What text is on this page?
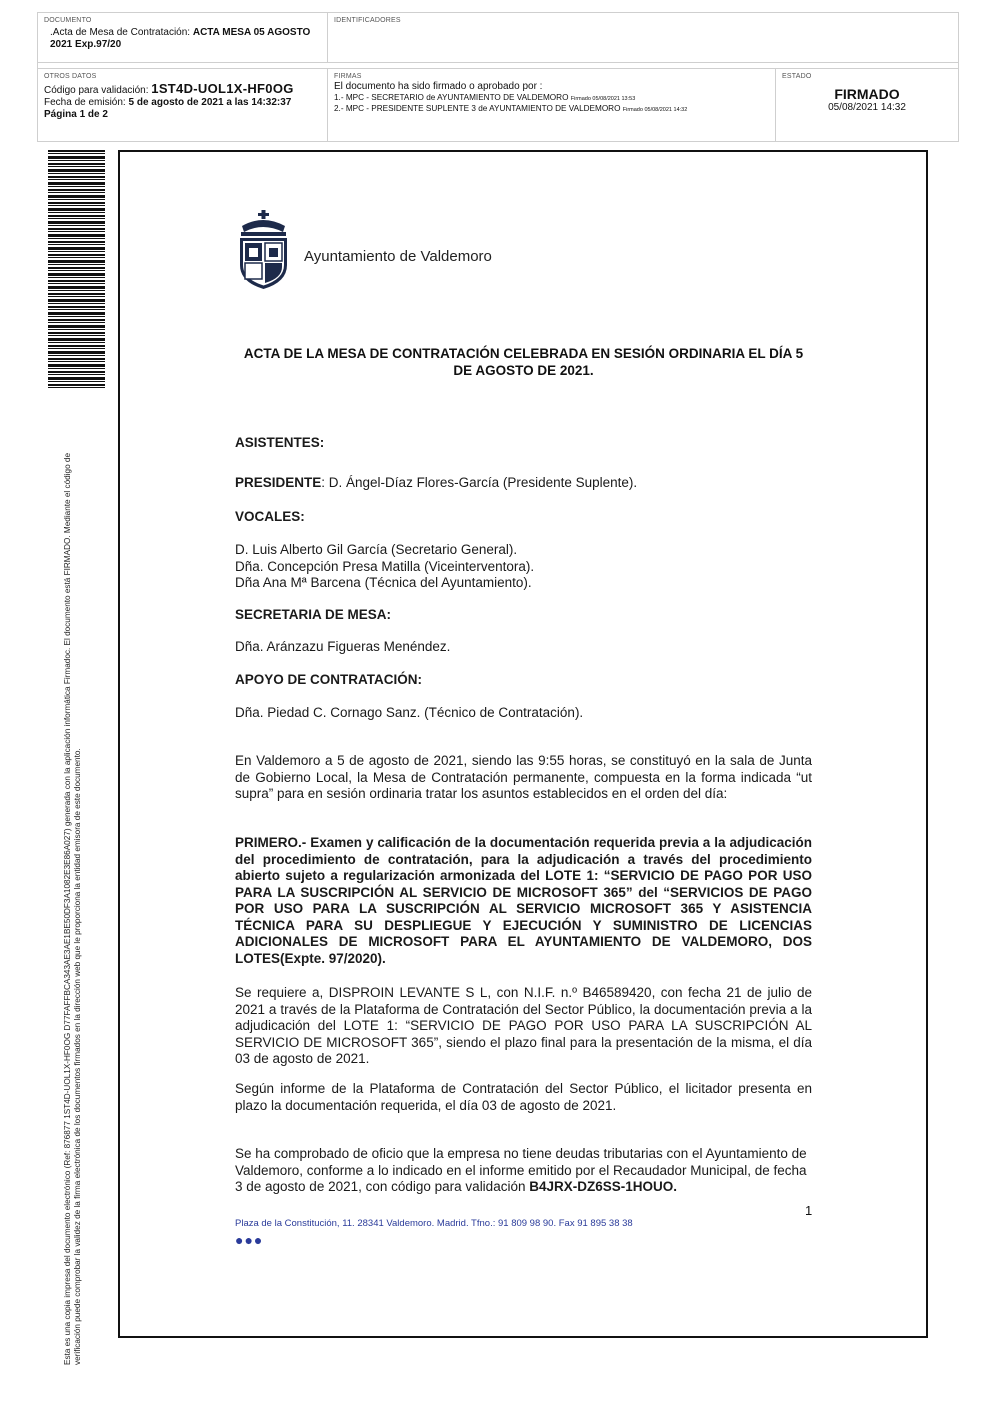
DOCUMENTO
.Acta de Mesa de Contratación: ACTA MESA 05 AGOSTO 2021 Exp.97/20
IDENTIFICADORES
OTROS DATOS
Código para validación: 1ST4D-UOL1X-HF0OG
Fecha de emisión: 5 de agosto de 2021 a las 14:32:37
Página 1 de 2
FIRMAS
El documento ha sido firmado o aprobado por :
1.- MPC - SECRETARIO de AYUNTAMIENTO DE VALDEMORO Firmado 05/08/2021 13:53
2.- MPC - PRESIDENTE SUPLENTE 3 de AYUNTAMIENTO DE VALDEMORO Firmado 05/08/2021 14:32
ESTADO
FIRMADO
05/08/2021 14:32
Esta es una copia impresa del documento electrónico (Ref: 876877 1ST4D-UOL1X-HF0OG D77FAFFBCA343AE3AE1BE50DF3A1082E3E86A027) generada con la aplicación informática Firmadoc. El documento está FIRMADO. Mediante el código de verificación puede comprobar la validez de la firma electrónica de los documentos firmados en la dirección web que le proporciona la entidad emisora de este documento.
Ayuntamiento de Valdemoro
ACTA DE LA MESA DE CONTRATACIÓN CELEBRADA EN SESIÓN ORDINARIA EL DÍA 5 DE AGOSTO DE 2021.
ASISTENTES:
PRESIDENTE: D. Ángel-Díaz Flores-García (Presidente Suplente).
VOCALES:
D. Luis Alberto Gil García (Secretario General).
Dña. Concepción Presa Matilla (Viceinterventora).
Dña Ana Mª Barcena (Técnica del Ayuntamiento).
SECRETARIA DE MESA:
Dña. Aránzazu Figueras Menéndez.
APOYO DE CONTRATACIÓN:
Dña. Piedad C. Cornago Sanz. (Técnico de Contratación).
En Valdemoro a 5 de agosto de 2021, siendo las 9:55 horas, se constituyó en la sala de Junta de Gobierno Local, la Mesa de Contratación permanente, compuesta en la forma indicada “ut supra” para en sesión ordinaria tratar los asuntos establecidos en el orden del día:
PRIMERO.- Examen y calificación de la documentación requerida previa a la adjudicación del procedimiento de contratación, para la adjudicación a través del procedimiento abierto sujeto a regularización armonizada del LOTE 1: “SERVICIO DE PAGO POR USO PARA LA SUSCRIPCIÓN AL SERVICIO DE MICROSOFT 365” del “SERVICIOS DE PAGO POR USO PARA LA SUSCRIPCIÓN AL SERVICIO MICROSOFT 365 Y ASISTENCIA TÉCNICA PARA SU DESPLIEGUE Y EJECUCIÓN Y SUMINISTRO DE LICENCIAS ADICIONALES DE MICROSOFT PARA EL AYUNTAMIENTO DE VALDEMORO, DOS LOTES(Expte. 97/2020).
Se requiere a, DISPROIN LEVANTE S L, con N.I.F. n.º B46589420, con fecha 21 de julio de 2021 a través de la Plataforma de Contratación del Sector Público, la documentación previa a la adjudicación del LOTE 1: “SERVICIO DE PAGO POR USO PARA LA SUSCRIPCIÓN AL SERVICIO DE MICROSOFT 365”, siendo el plazo final para la presentación de la misma, el día 03 de agosto de 2021.
Según informe de la Plataforma de Contratación del Sector Público, el licitador presenta en plazo la documentación requerida, el día 03 de agosto de 2021.
Se ha comprobado de oficio que la empresa no tiene deudas tributarias con el Ayuntamiento de Valdemoro, conforme a lo indicado en el informe emitido por el Recaudador Municipal, de fecha 3 de agosto de 2021, con código para validación B4JRX-DZ6SS-1HOUO.
1
Plaza de la Constitución, 11. 28341 Valdemoro. Madrid. Tfno.: 91 809 98 90. Fax 91 895 38 38
●●●
